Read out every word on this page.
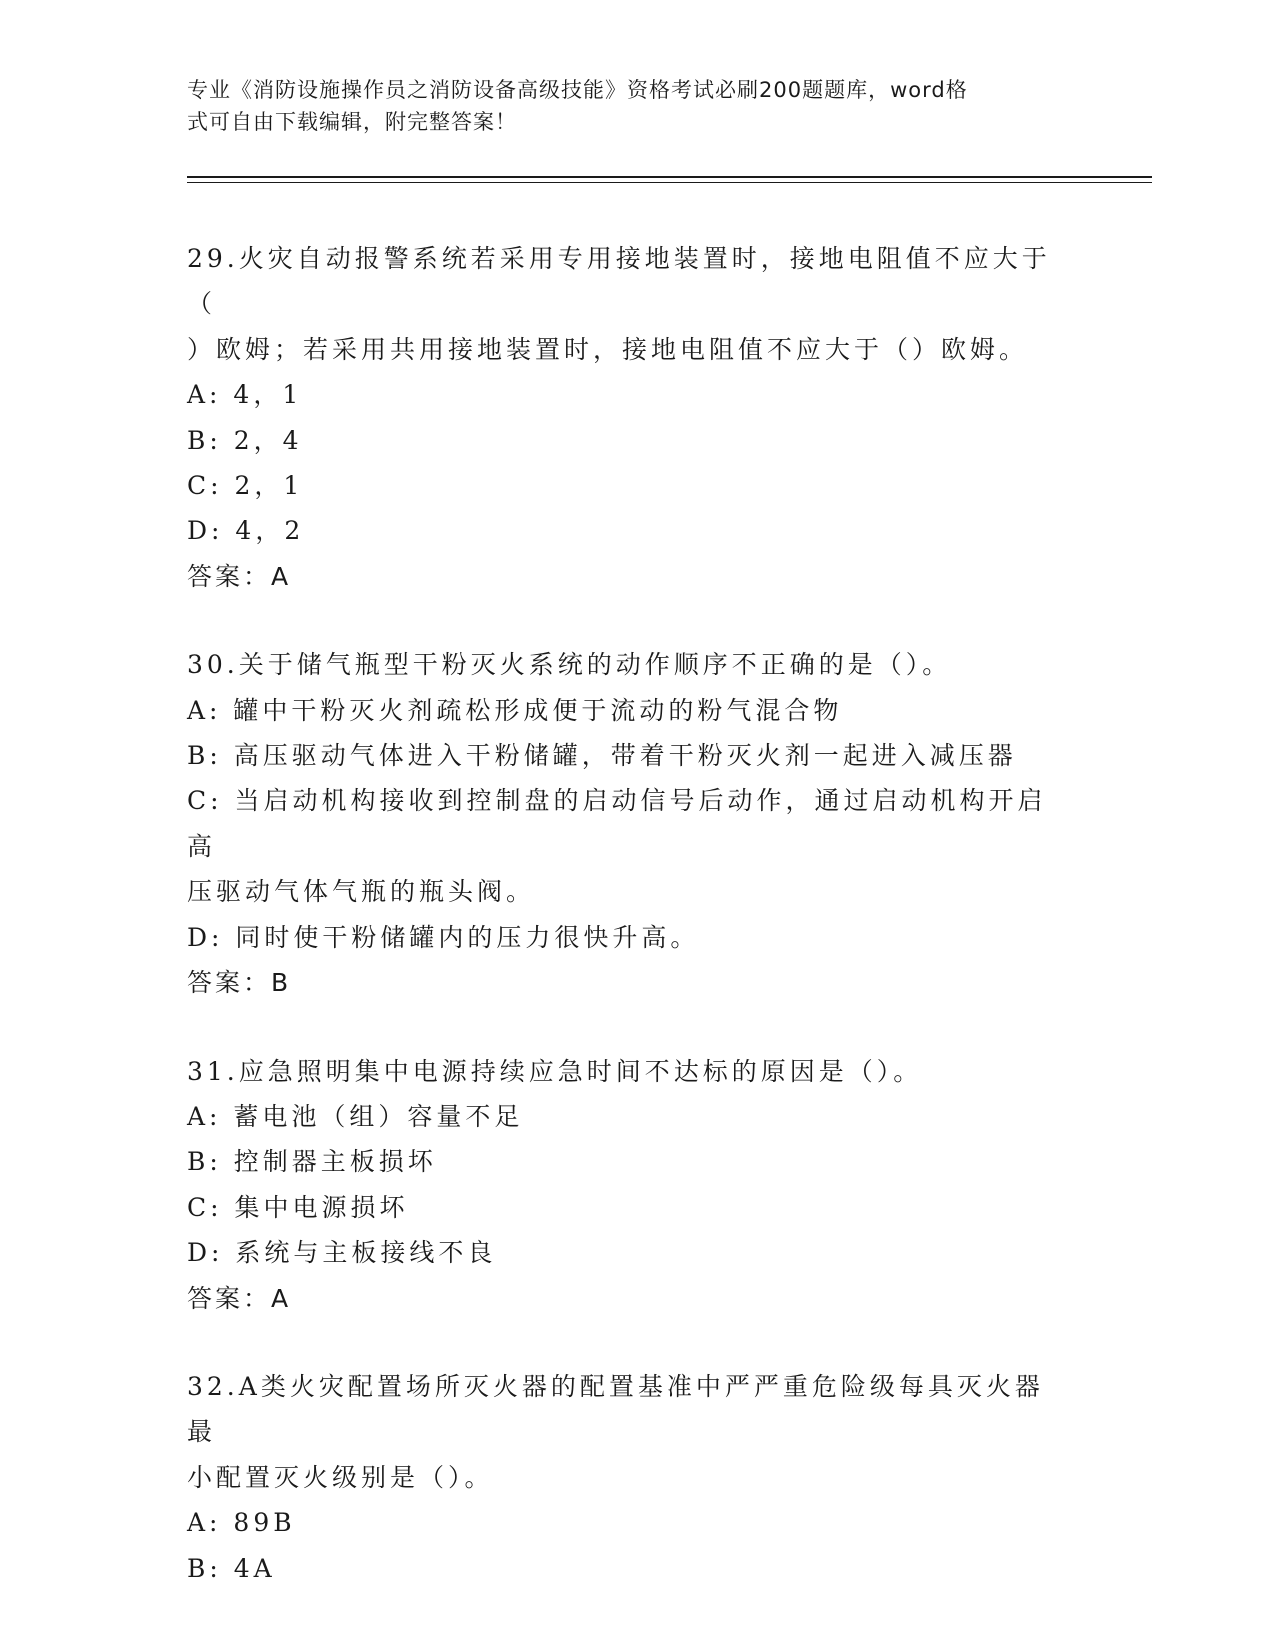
专业《消防设施操作员之消防设备高级技能》资格考试必刷200题题库，word格
式可自由下载编辑，附完整答案！
29.火灾自动报警系统若采用专用接地装置时，接地电阻值不应大于（
）欧姆；若采用共用接地装置时，接地电阻值不应大于（）欧姆。
A: 4，1
B: 2，4
C: 2，1
D: 4，2
答案：A
30.关于储气瓶型干粉灭火系统的动作顺序不正确的是（）。
A: 罐中干粉灭火剂疏松形成便于流动的粉气混合物
B: 高压驱动气体进入干粉储罐，带着干粉灭火剂一起进入减压器
C: 当启动机构接收到控制盘的启动信号后动作，通过启动机构开启高
压驱动气体气瓶的瓶头阀。
D: 同时使干粉储罐内的压力很快升高。
答案：B
31.应急照明集中电源持续应急时间不达标的原因是（）。
A: 蓄电池（组）容量不足
B: 控制器主板损坏
C: 集中电源损坏
D: 系统与主板接线不良
答案：A
32.A类火灾配置场所灭火器的配置基准中严严重危险级每具灭火器最
小配置灭火级别是（）。
A: 89B
B: 4A
